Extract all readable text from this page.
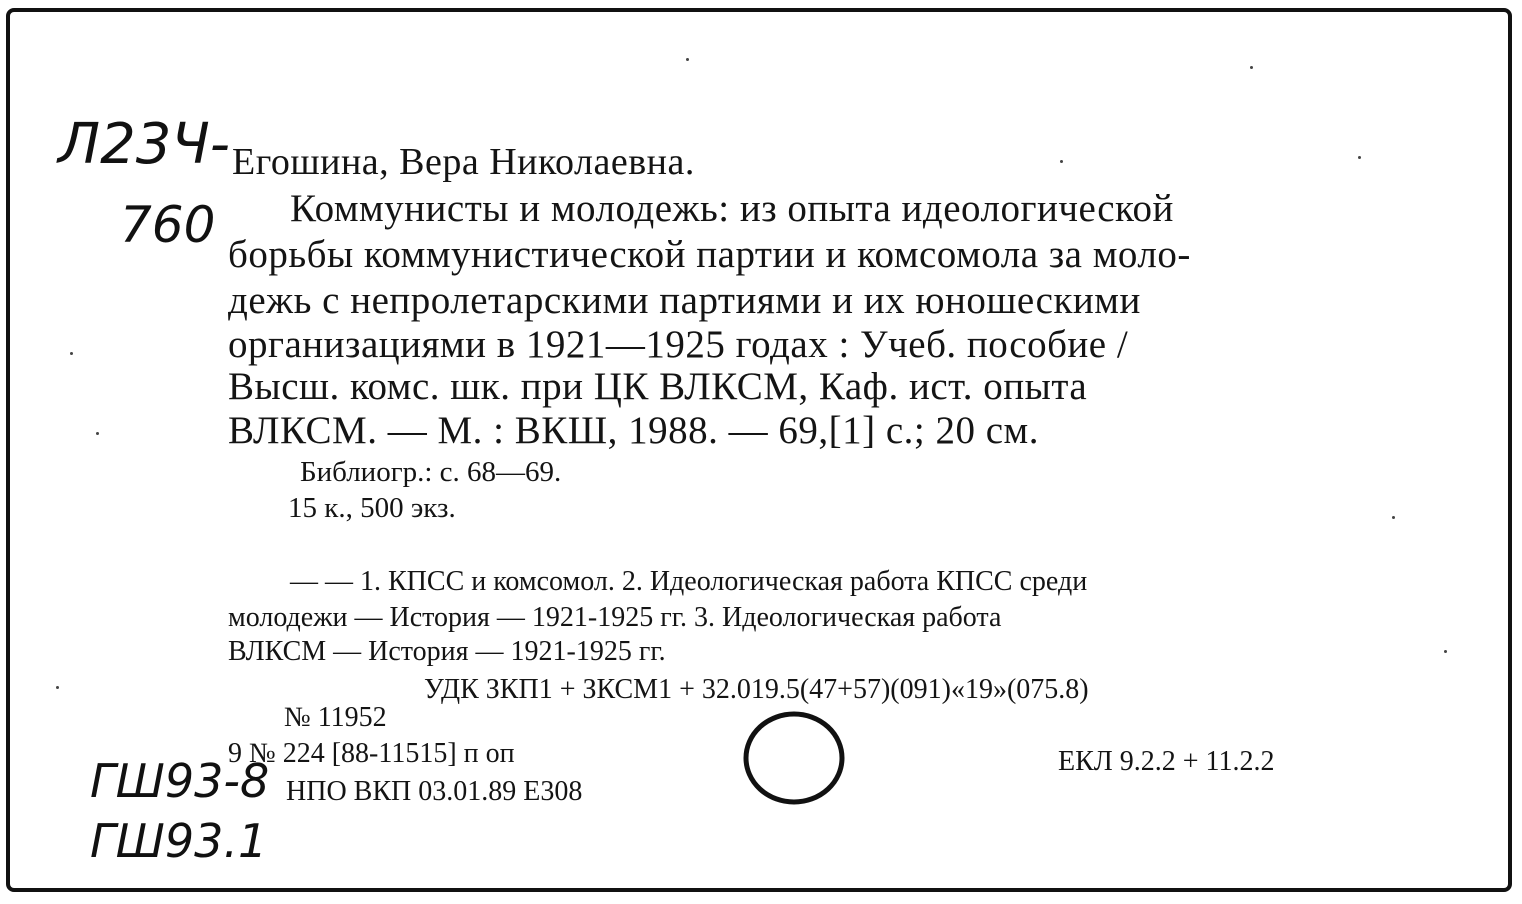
Л23Ч-
760
Егошина, Вера Николаевна.
Коммунисты и молодежь: из опыта идеологической
борьбы коммунистической партии и комсомола за моло-
дежь с непролетарскими партиями и их юношескими
организациями в 1921—1925 годах : Учеб. пособие /
Высш. комс. шк. при ЦК ВЛКСМ, Каф. ист. опыта
ВЛКСМ. — М. : ВКШ, 1988. — 69,[1] с.; 20 см.
Библиогр.: с. 68—69.
15 к., 500 экз.
— — 1. КПСС и комсомол. 2. Идеологическая работа КПСС среди
молодежи — История — 1921-1925 гг. 3. Идеологическая работа
ВЛКСМ — История — 1921-1925 гг.
УДК ЗКП1 + ЗКСМ1 + 32.019.5(47+57)(091)«19»(075.8)
№ 11952
9 № 224 [88-11515] п оп
НПО ВКП 03.01.89 Е308
ЕКЛ 9.2.2 + 11.2.2
ГШ93-8
ГШ93.1
